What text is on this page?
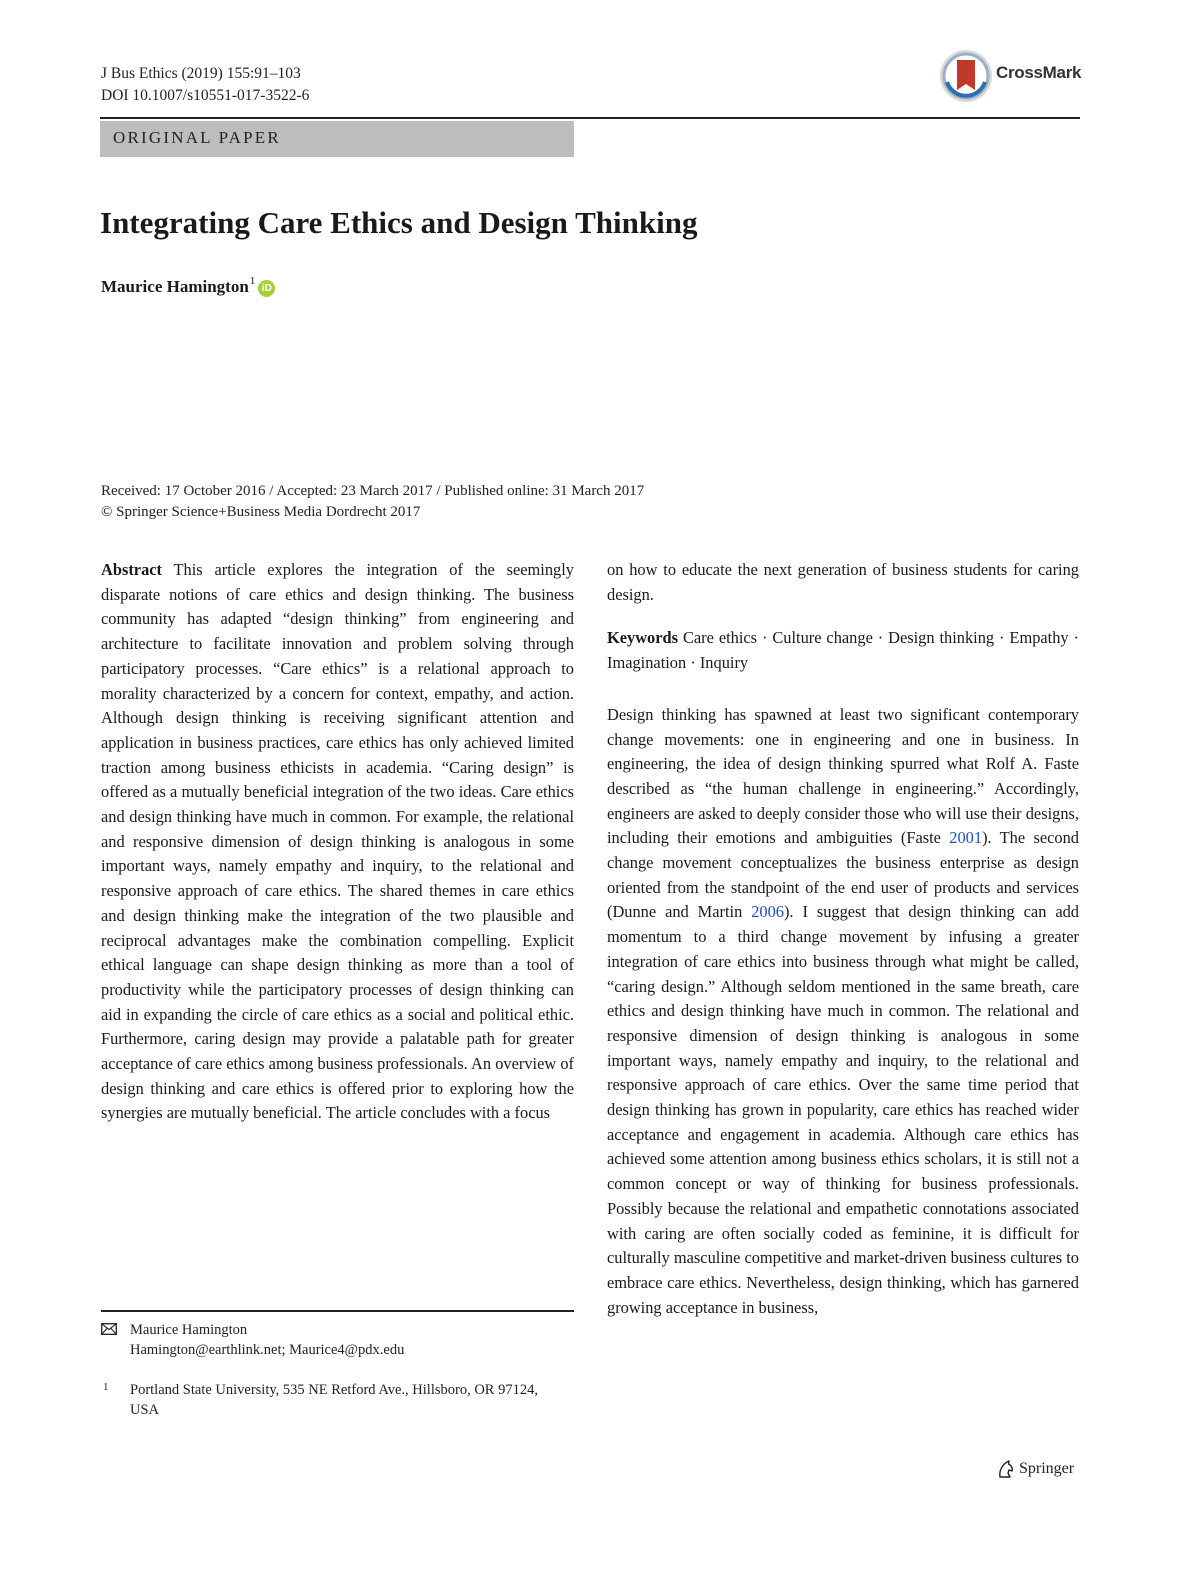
J Bus Ethics (2019) 155:91–103
DOI 10.1007/s10551-017-3522-6
CrossMark
ORIGINAL PAPER
Integrating Care Ethics and Design Thinking
Maurice Hamington$^1$
iD
Received: 17 October 2016 / Accepted: 23 March 2017 / Published online: 31 March 2017
© Springer Science+Business Media Dordrecht 2017

Abstract This article explores the integration of the seemingly disparate notions of care ethics and design thinking. The business community has adapted “design thinking” from engineering and architecture to facilitate innovation and problem solving through participatory processes. “Care ethics” is a relational approach to morality characterized by a concern for context, empathy, and action. Although design thinking is receiving significant attention and application in business practices, care ethics has only achieved limited traction among business ethicists in academia. “Caring design” is offered as a mutually beneficial integration of the two ideas. Care ethics and design thinking have much in common. For example, the relational and responsive dimension of design thinking is analogous in some important ways, namely empathy and inquiry, to the relational and responsive approach of care ethics. The shared themes in care ethics and design thinking make the integration of the two plausible and reciprocal advantages make the combination compelling. Explicit ethical language can shape design thinking as more than a tool of productivity while the participatory processes of design thinking can aid in expanding the circle of care ethics as a social and political ethic. Furthermore, caring design may provide a palatable path for greater acceptance of care ethics among business professionals. An overview of design thinking and care ethics is offered prior to exploring how the synergies are mutually beneficial. The article concludes with a focus

on how to educate the next generation of business students for caring design.

Keywords Care ethics · Culture change · Design thinking · Empathy · Imagination · Inquiry

Design thinking has spawned at least two significant contemporary change movements: one in engineering and one in business. In engineering, the idea of design thinking spurred what Rolf A. Faste described as “the human challenge in engineering.” Accordingly, engineers are asked to deeply consider those who will use their designs, including their emotions and ambiguities (Faste 2001). The second change movement conceptualizes the business enterprise as design oriented from the standpoint of the end user of products and services (Dunne and Martin 2006). I suggest that design thinking can add momentum to a third change movement by infusing a greater integration of care ethics into business through what might be called, “caring design.” Although seldom mentioned in the same breath, care ethics and design thinking have much in common. The relational and responsive dimension of design thinking is analogous in some important ways, namely empathy and inquiry, to the relational and responsive approach of care ethics. Over the same time period that design thinking has grown in popularity, care ethics has reached wider acceptance and engagement in academia. Although care ethics has achieved some attention among business ethics scholars, it is still not a common concept or way of thinking for business professionals. Possibly because the relational and empathetic connotations associated with caring are often socially coded as feminine, it is difficult for culturally masculine competitive and market-driven business cultures to embrace care ethics. Nevertheless, design thinking, which has garnered growing acceptance in business,

Maurice Hamington
Hamington@earthlink.net; Maurice4@pdx.edu
1 Portland State University, 535 NE Retford Ave., Hillsboro, OR 97124, USA
Springer
